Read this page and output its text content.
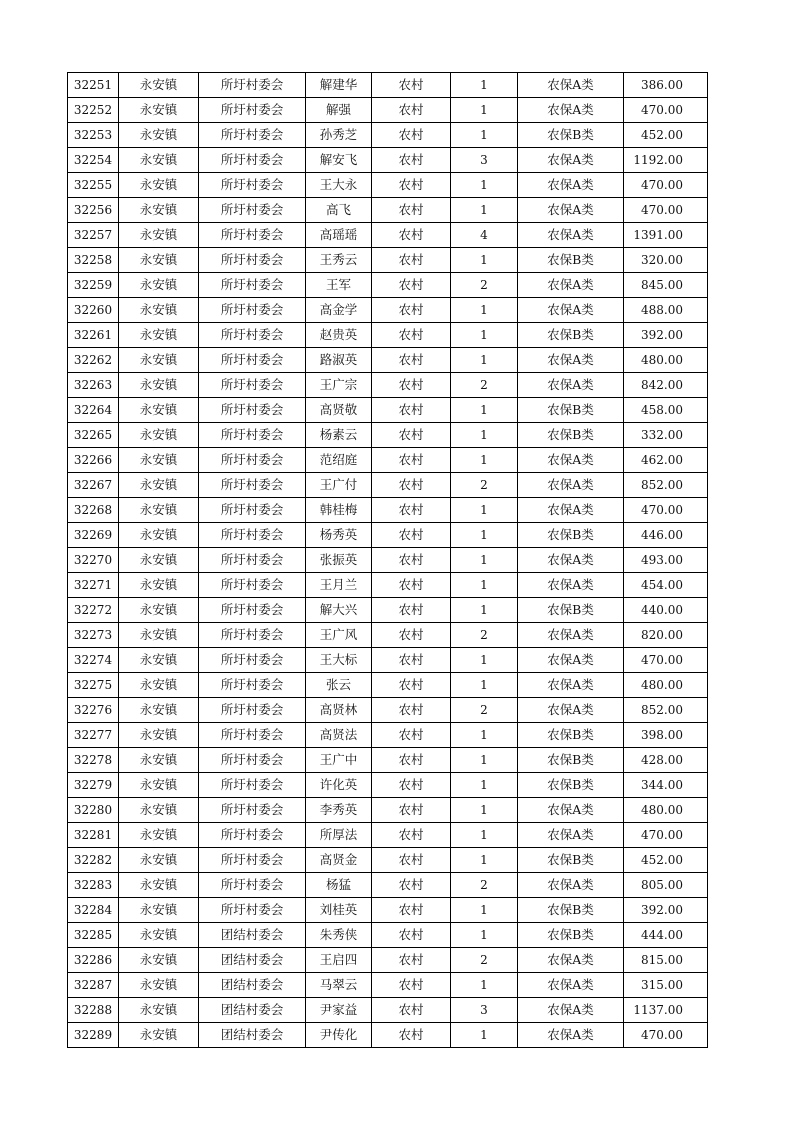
32251	永安镇	所圩村委会	解建华	农村	1	农保A类	386.00
32252	永安镇	所圩村委会	解强	农村	1	农保A类	470.00
32253	永安镇	所圩村委会	孙秀芝	农村	1	农保B类	452.00
32254	永安镇	所圩村委会	解安飞	农村	3	农保A类	1192.00
32255	永安镇	所圩村委会	王大永	农村	1	农保A类	470.00
32256	永安镇	所圩村委会	高飞	农村	1	农保A类	470.00
32257	永安镇	所圩村委会	高瑶瑶	农村	4	农保A类	1391.00
32258	永安镇	所圩村委会	王秀云	农村	1	农保B类	320.00
32259	永安镇	所圩村委会	王军	农村	2	农保A类	845.00
32260	永安镇	所圩村委会	高金学	农村	1	农保A类	488.00
32261	永安镇	所圩村委会	赵贵英	农村	1	农保B类	392.00
32262	永安镇	所圩村委会	路淑英	农村	1	农保A类	480.00
32263	永安镇	所圩村委会	王广宗	农村	2	农保A类	842.00
32264	永安镇	所圩村委会	高贤敬	农村	1	农保B类	458.00
32265	永安镇	所圩村委会	杨素云	农村	1	农保B类	332.00
32266	永安镇	所圩村委会	范绍庭	农村	1	农保A类	462.00
32267	永安镇	所圩村委会	王广付	农村	2	农保A类	852.00
32268	永安镇	所圩村委会	韩桂梅	农村	1	农保A类	470.00
32269	永安镇	所圩村委会	杨秀英	农村	1	农保B类	446.00
32270	永安镇	所圩村委会	张振英	农村	1	农保A类	493.00
32271	永安镇	所圩村委会	王月兰	农村	1	农保A类	454.00
32272	永安镇	所圩村委会	解大兴	农村	1	农保B类	440.00
32273	永安镇	所圩村委会	王广风	农村	2	农保A类	820.00
32274	永安镇	所圩村委会	王大标	农村	1	农保A类	470.00
32275	永安镇	所圩村委会	张云	农村	1	农保A类	480.00
32276	永安镇	所圩村委会	高贤林	农村	2	农保A类	852.00
32277	永安镇	所圩村委会	高贤法	农村	1	农保B类	398.00
32278	永安镇	所圩村委会	王广中	农村	1	农保B类	428.00
32279	永安镇	所圩村委会	许化英	农村	1	农保B类	344.00
32280	永安镇	所圩村委会	李秀英	农村	1	农保A类	480.00
32281	永安镇	所圩村委会	所厚法	农村	1	农保A类	470.00
32282	永安镇	所圩村委会	高贤金	农村	1	农保B类	452.00
32283	永安镇	所圩村委会	杨猛	农村	2	农保A类	805.00
32284	永安镇	所圩村委会	刘桂英	农村	1	农保B类	392.00
32285	永安镇	团结村委会	朱秀侠	农村	1	农保B类	444.00
32286	永安镇	团结村委会	王启四	农村	2	农保A类	815.00
32287	永安镇	团结村委会	马翠云	农村	1	农保A类	315.00
32288	永安镇	团结村委会	尹家益	农村	3	农保A类	1137.00
32289	永安镇	团结村委会	尹传化	农村	1	农保A类	470.00
